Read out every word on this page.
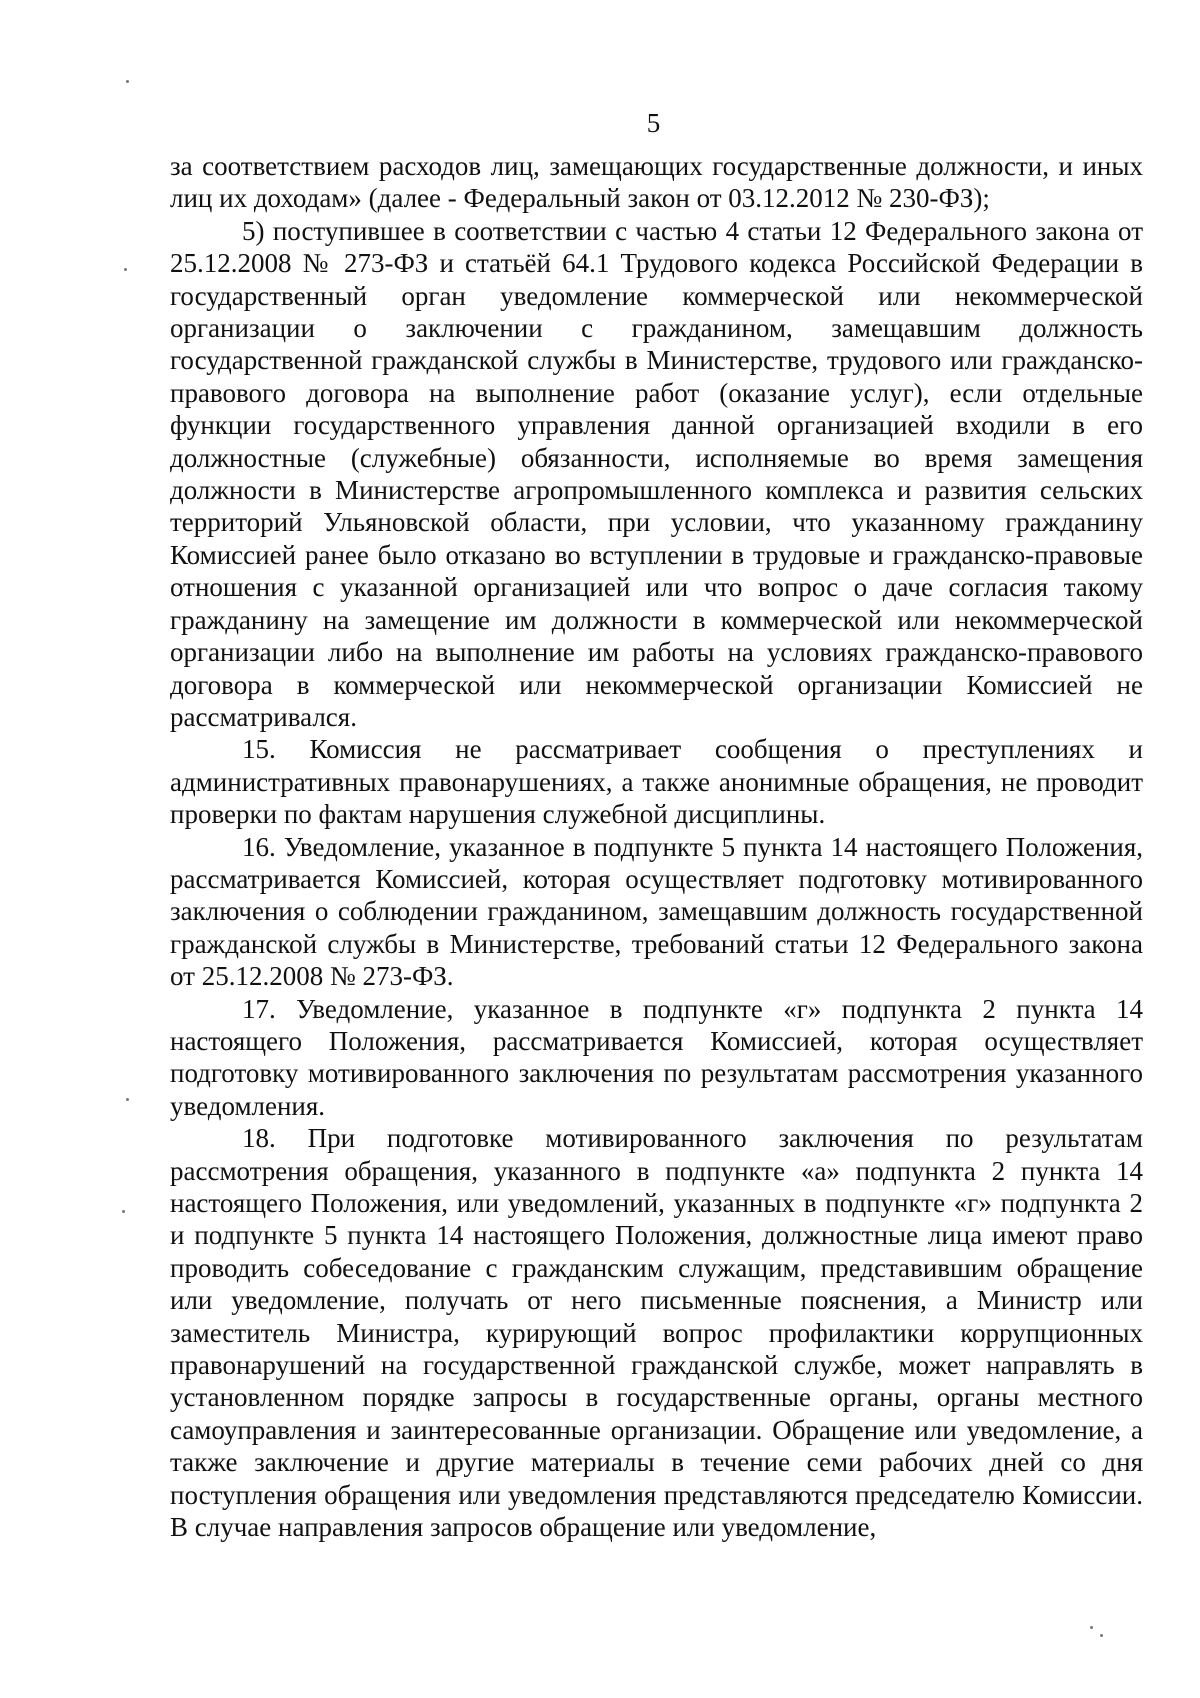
5

за соответствием расходов лиц, замещающих государственные должности, и иных лиц их доходам» (далее - Федеральный закон от 03.12.2012 № 230-ФЗ);

5) поступившее в соответствии с частью 4 статьи 12 Федерального закона от 25.12.2008 № 273-ФЗ и статьёй 64.1 Трудового кодекса Российской Федерации в государственный орган уведомление коммерческой или некоммерческой организации о заключении с гражданином, замещавшим должность государственной гражданской службы в Министерстве, трудового или гражданско-правового договора на выполнение работ (оказание услуг), если отдельные функции государственного управления данной организацией входили в его должностные (служебные) обязанности, исполняемые во время замещения должности в Министерстве агропромышленного комплекса и развития сельских территорий Ульяновской области, при условии, что указанному гражданину Комиссией ранее было отказано во вступлении в трудовые и гражданско-правовые отношения с указанной организацией или что вопрос о даче согласия такому гражданину на замещение им должности в коммерческой или некоммерческой организации либо на выполнение им работы на условиях гражданско-правового договора в коммерческой или некоммерческой организации Комиссией не рассматривался.

15. Комиссия не рассматривает сообщения о преступлениях и административных правонарушениях, а также анонимные обращения, не проводит проверки по фактам нарушения служебной дисциплины.

16. Уведомление, указанное в подпункте 5 пункта 14 настоящего Положения, рассматривается Комиссией, которая осуществляет подготовку мотивированного заключения о соблюдении гражданином, замещавшим должность государственной гражданской службы в Министерстве, требований статьи 12 Федерального закона от 25.12.2008 № 273-ФЗ.

17. Уведомление, указанное в подпункте «г» подпункта 2 пункта 14 настоящего Положения, рассматривается Комиссией, которая осуществляет подготовку мотивированного заключения по результатам рассмотрения указанного уведомления.

18. При подготовке мотивированного заключения по результатам рассмотрения обращения, указанного в подпункте «а» подпункта 2 пункта 14 настоящего Положения, или уведомлений, указанных в подпункте «г» подпункта 2 и подпункте 5 пункта 14 настоящего Положения, должностные лица имеют право проводить собеседование с гражданским служащим, представившим обращение или уведомление, получать от него письменные пояснения, а Министр или заместитель Министра, курирующий вопрос профилактики коррупционных правонарушений на государственной гражданской службе, может направлять в установленном порядке запросы в государственные органы, органы местного самоуправления и заинтересованные организации. Обращение или уведомление, а также заключение и другие материалы в течение семи рабочих дней со дня поступления обращения или уведомления представляются председателю Комиссии. В случае направления запросов обращение или уведомление,
